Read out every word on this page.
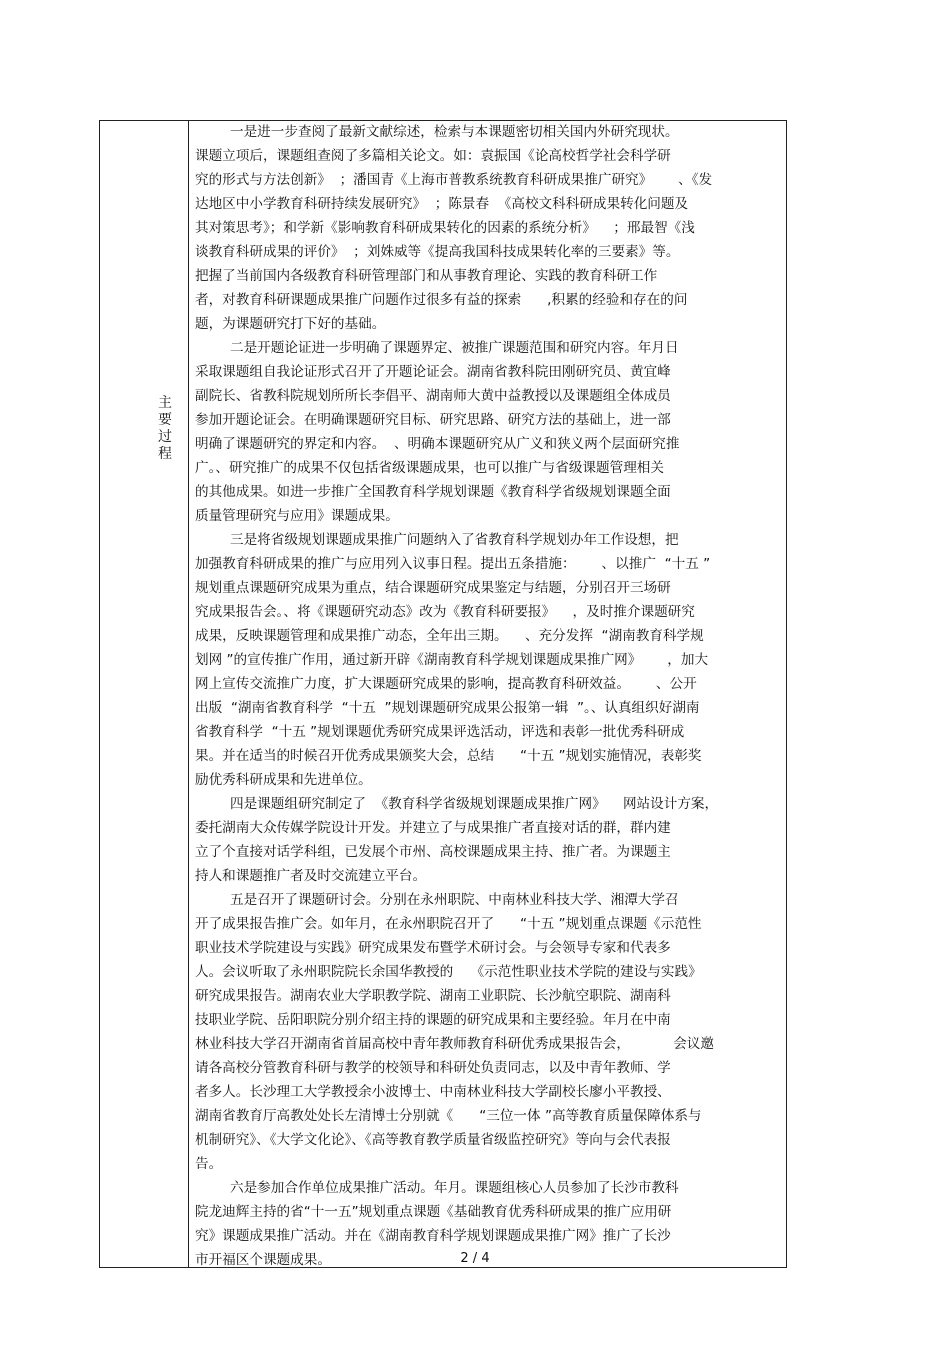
主
要
过
程
一是进一步查阅了最新文献综述，检索与本课题密切相关国内外研究现状。
课题立项后，课题组查阅了多篇相关论文。如：袁振国《论高校哲学社会科学研
究的形式与方法创新》  ；潘国青《上海市普教系统教育科研成果推广研究》      、《发
达地区中小学教育科研持续发展研究》  ；陈景春  《高校文科科研成果转化问题及
其对策思考》；和学新《影响教育科研成果转化的因素的系统分析》    ；邢最智《浅
谈教育科研成果的评价》  ；刘姝威等《提高我国科技成果转化率的三要素》等。
把握了当前国内各级教育科研管理部门和从事教育理论、实践的教育科研工作
者，对教育科研课题成果推广问题作过很多有益的探索      ,积累的经验和存在的问
题，为课题研究打下好的基础。
二是开题论证进一步明确了课题界定、被推广课题范围和研究内容。年月日
采取课题组自我论证形式召开了开题论证会。湖南省教科院田刚研究员、黄宜峰
副院长、省教科院规划所所长李倡平、湖南师大黄中益教授以及课题组全体成员
参加开题论证会。在明确课题研究目标、研究思路、研究方法的基础上，进一部
明确了课题研究的界定和内容。  、明确本课题研究从广义和狭义两个层面研究推
广。、研究推广的成果不仅包括省级课题成果，也可以推广与省级课题管理相关
的其他成果。如进一步推广全国教育科学规划课题《教育科学省级规划课题全面
质量管理研究与应用》课题成果。
三是将省级规划课题成果推广问题纳入了省教育科学规划办年工作设想，把
加强教育科研成果的推广与应用列入议事日程。提出五条措施：      、以推广  “十五 ”
规划重点课题研究成果为重点，结合课题研究成果鉴定与结题，分别召开三场研
究成果报告会。、将《课题研究动态》改为《教育科研要报》    ，及时推介课题研究
成果，反映课题管理和成果推广动态，全年出三期。    、充分发挥  “湖南教育科学规
划网 ”的宣传推广作用，通过新开辟《湖南教育科学规划课题成果推广网》      ，加大
网上宣传交流推广力度，扩大课题研究成果的影响，提高教育科研效益。      、公开
出版  “湖南省教育科学  “十五  ”规划课题研究成果公报第一辑  ”。、认真组织好湖南
省教育科学  “十五 ”规划课题优秀研究成果评选活动，评选和表彰一批优秀科研成
果。并在适当的时候召开优秀成果颁奖大会，总结      “十五 ”规划实施情况，表彰奖
励优秀科研成果和先进单位。
四是课题组研究制定了  《教育科学省级规划课题成果推广网》    网站设计方案，
委托湖南大众传媒学院设计开发。并建立了与成果推广者直接对话的群，群内建
立了个直接对话学科组，已发展个市州、高校课题成果主持、推广者。为课题主
持人和课题推广者及时交流建立平台。
五是召开了课题研讨会。分别在永州职院、中南林业科技大学、湘潭大学召
开了成果报告推广会。如年月，在永州职院召开了      “十五 ”规划重点课题《示范性
职业技术学院建设与实践》研究成果发布暨学术研讨会。与会领导专家和代表多
人。会议听取了永州职院院长余国华教授的    《示范性职业技术学院的建设与实践》
研究成果报告。湖南农业大学职教学院、湖南工业职院、长沙航空职院、湖南科
技职业学院、岳阳职院分别介绍主持的课题的研究成果和主要经验。年月在中南
林业科技大学召开湖南省首届高校中青年教师教育科研优秀成果报告会，          会议邀
请各高校分管教育科研与教学的校领导和科研处负责同志，以及中青年教师、学
者多人。长沙理工大学教授余小波博士、中南林业科技大学副校长廖小平教授、
湖南省教育厅高教处处长左清博士分别就《      “三位一体 ”高等教育质量保障体系与
机制研究》、《大学文化论》、《高等教育教学质量省级监控研究》等向与会代表报
告。
六是参加合作单位成果推广活动。年月。课题组核心人员参加了长沙市教科
院龙迪辉主持的省“十一五”规划重点课题《基础教育优秀科研成果的推广应用研
究》课题成果推广活动。并在《湖南教育科学规划课题成果推广网》推广了长沙
市开福区个课题成果。	2 / 4
